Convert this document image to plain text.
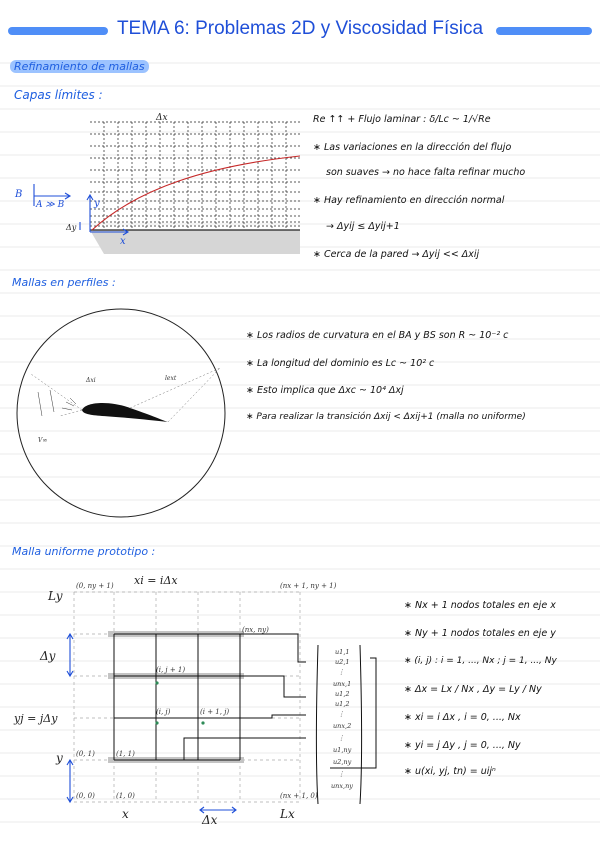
TEMA 6: Problemas 2D y Viscosidad Física
Refinamiento de mallas
Capas límites :
Δx
B
A ≫ B	y
Δy
x
Re ↑↑ + Flujo laminar : δ/Lc ~ 1/√Re
∗ Las variaciones en la dirección del flujo
son suaves → no hace falta refinar mucho
∗ Hay refinamiento en dirección normal
→ Δyij ≤ Δyij+1
∗ Cerca de la pared → Δyij << Δxij
Mallas en perfiles :
Δxi	lext
V∞
∗ Los radios de curvatura en el BA y BS son R ~ 10⁻² c
∗ La longitud del dominio es Lc ~ 10² c
∗ Esto implica que Δxc ~ 10⁴ Δxj
∗ Para realizar la transición Δxij < Δxij+1 (malla no uniforme)
Malla uniforme prototipo :
Ly
Δy
yj = jΔy
y
x	Δx	Lx
xi = iΔx
(0, ny + 1)	(nx + 1, ny + 1)
(nx, ny)
(i, j + 1)
(i, j)	(i + 1, j)
(0, 1)	(1, 1)
(0, 0)	(1, 0)	(nx + 1, 0)
u1,1
u2,1
⋮
unx,1
u1,2
u1,2
⋮
unx,2
⋮
u1,ny
u2,ny
⋮
unx,ny
∗ Nx + 1 nodos totales en eje x
∗ Ny + 1 nodos totales en eje y
∗ (i, j) : i = 1, ..., Nx ; j = 1, ..., Ny
∗ Δx = Lx / Nx , Δy = Ly / Ny
∗ xi = i Δx , i = 0, ..., Nx
∗ yi = j Δy , j = 0, ..., Ny
∗ u(xi, yj, tn) = uijⁿ
